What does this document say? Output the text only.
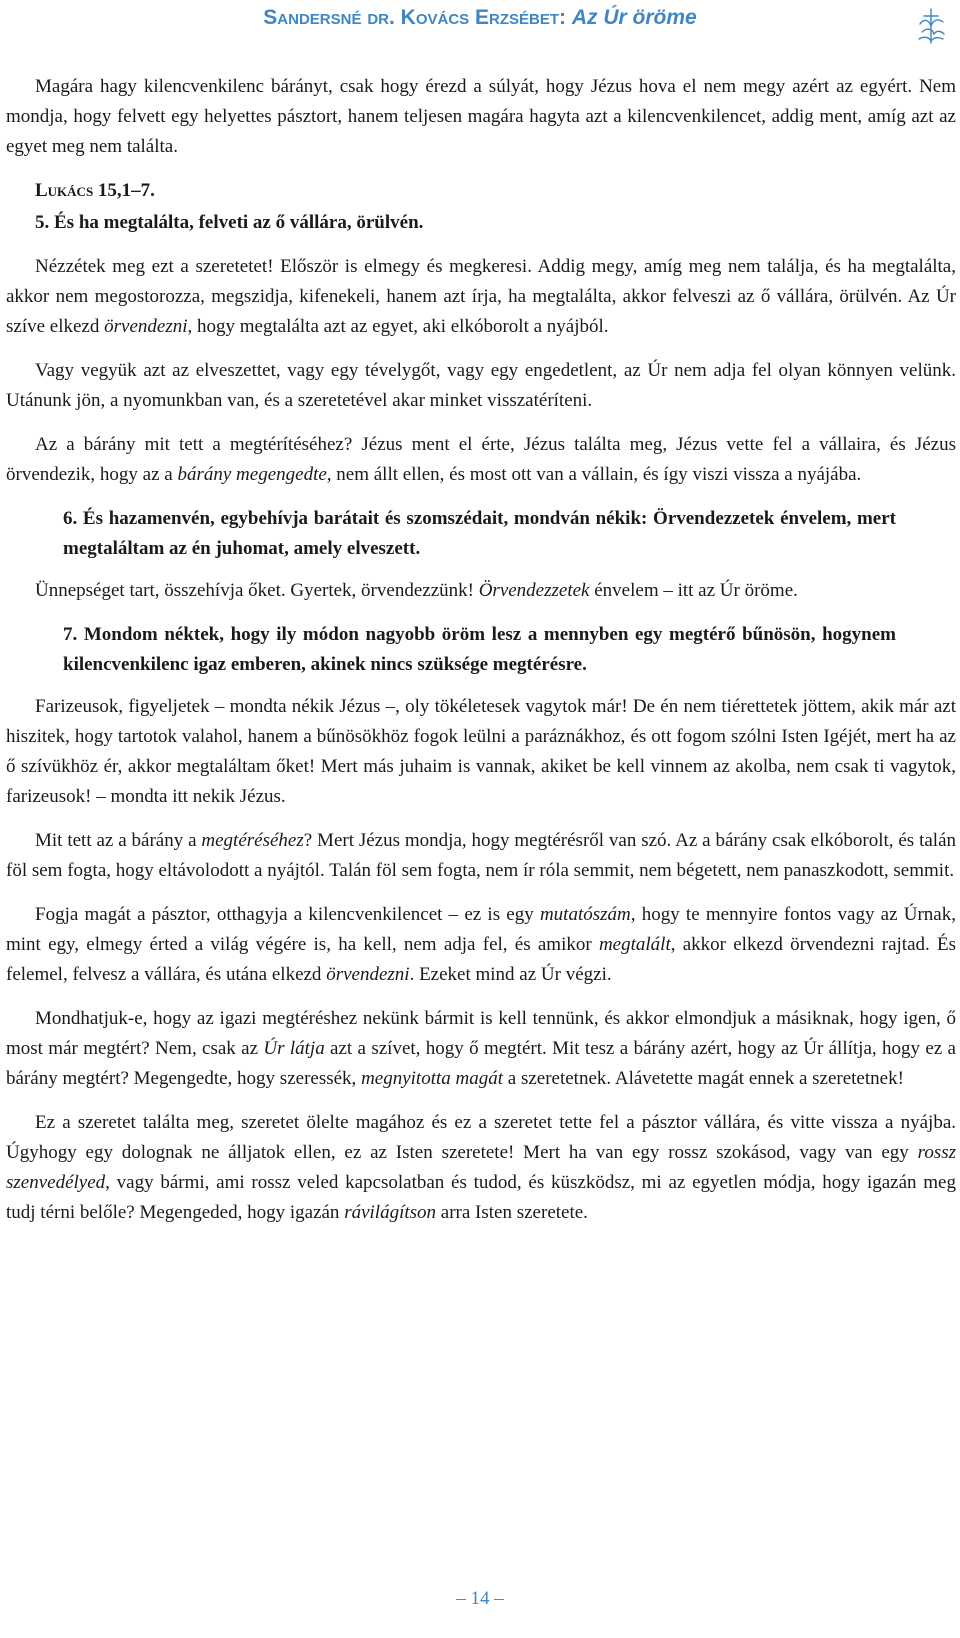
Sandersné dr. Kovács Erzsébet: Az Úr öröme

Magára hagy kilencvenkilenc bárányt, csak hogy érezd a súlyát, hogy Jézus hova el nem megy azért az egyért. Nem mondja, hogy felvett egy helyettes pásztort, hanem teljesen magára hagyta azt a kilencvenkilencet, addig ment, amíg azt az egyet meg nem találta.

Lukács 15,1–7.

5. És ha megtalálta, felveti az ő vállára, örülvén.

Nézzétek meg ezt a szeretetet! Először is elmegy és megkeresi. Addig megy, amíg meg nem találja, és ha megtalálta, akkor nem megostorozza, megszidja, kifenekeli, hanem azt írja, ha megtalálta, akkor felveszi az ő vállára, örülvén. Az Úr szíve elkezd örvendezni, hogy megtalálta azt az egyet, aki elkóborolt a nyájból.

Vagy vegyük azt az elveszettet, vagy egy tévelygőt, vagy egy engedetlent, az Úr nem adja fel olyan könnyen velünk. Utánunk jön, a nyomunkban van, és a szeretetével akar minket visszatéríteni.

Az a bárány mit tett a megtérítéséhez? Jézus ment el érte, Jézus találta meg, Jézus vette fel a vállaira, és Jézus örvendezik, hogy az a bárány megengedte, nem állt ellen, és most ott van a vállain, és így viszi vissza a nyájába.

6. És hazamenvén, egybehívja barátait és szomszédait, mondván nékik: Örvendezzetek énvelem, mert megtaláltam az én juhomat, amely elveszett.

Ünnepséget tart, összehívja őket. Gyertek, örvendezzünk! Örvendezzetek énvelem – itt az Úr öröme.

7. Mondom néktek, hogy ily módon nagyobb öröm lesz a mennyben egy megtérő bűnösön, hogynem kilencvenkilenc igaz emberen, akinek nincs szüksége megtérésre.

Farizeusok, figyeljetek – mondta nékik Jézus –, oly tökéletesek vagytok már! De én nem tiérettetek jöttem, akik már azt hiszitek, hogy tartotok valahol, hanem a bűnösökhöz fogok leülni a paráznákhoz, és ott fogom szólni Isten Igéjét, mert ha az ő szívükhöz ér, akkor megtaláltam őket! Mert más juhaim is vannak, akiket be kell vinnem az akolba, nem csak ti vagytok, farizeusok! – mondta itt nekik Jézus.

Mit tett az a bárány a megtéréséhez? Mert Jézus mondja, hogy megtérésről van szó. Az a bárány csak elkóborolt, és talán föl sem fogta, hogy eltávolodott a nyájtól. Talán föl sem fogta, nem ír róla semmit, nem bégetett, nem panaszkodott, semmit.

Fogja magát a pásztor, otthagyja a kilencvenkilencet – ez is egy mutatószám, hogy te mennyire fontos vagy az Úrnak, mint egy, elmegy érted a világ végére is, ha kell, nem adja fel, és amikor megtalált, akkor elkezd örvendezni rajtad. És felemel, felvesz a vállára, és utána elkezd örvendezni. Ezeket mind az Úr végzi.

Mondhatjuk-e, hogy az igazi megtéréshez nekünk bármit is kell tennünk, és akkor elmondjuk a másiknak, hogy igen, ő most már megtért? Nem, csak az Úr látja azt a szívet, hogy ő megtért. Mit tesz a bárány azért, hogy az Úr állítja, hogy ez a bárány megtért? Megengedte, hogy szeressék, megnyitotta magát a szeretetnek. Alávetette magát ennek a szeretetnek!

Ez a szeretet találta meg, szeretet ölelte magához és ez a szeretet tette fel a pásztor vállára, és vitte vissza a nyájba. Úgyhogy egy dolognak ne álljatok ellen, ez az Isten szeretete! Mert ha van egy rossz szokásod, vagy van egy rossz szenvedélyed, vagy bármi, ami rossz veled kapcsolatban és tudod, és küszködsz, mi az egyetlen módja, hogy igazán meg tudj térni belőle? Megengeded, hogy igazán rávilágítson arra Isten szeretete.

– 14 –
